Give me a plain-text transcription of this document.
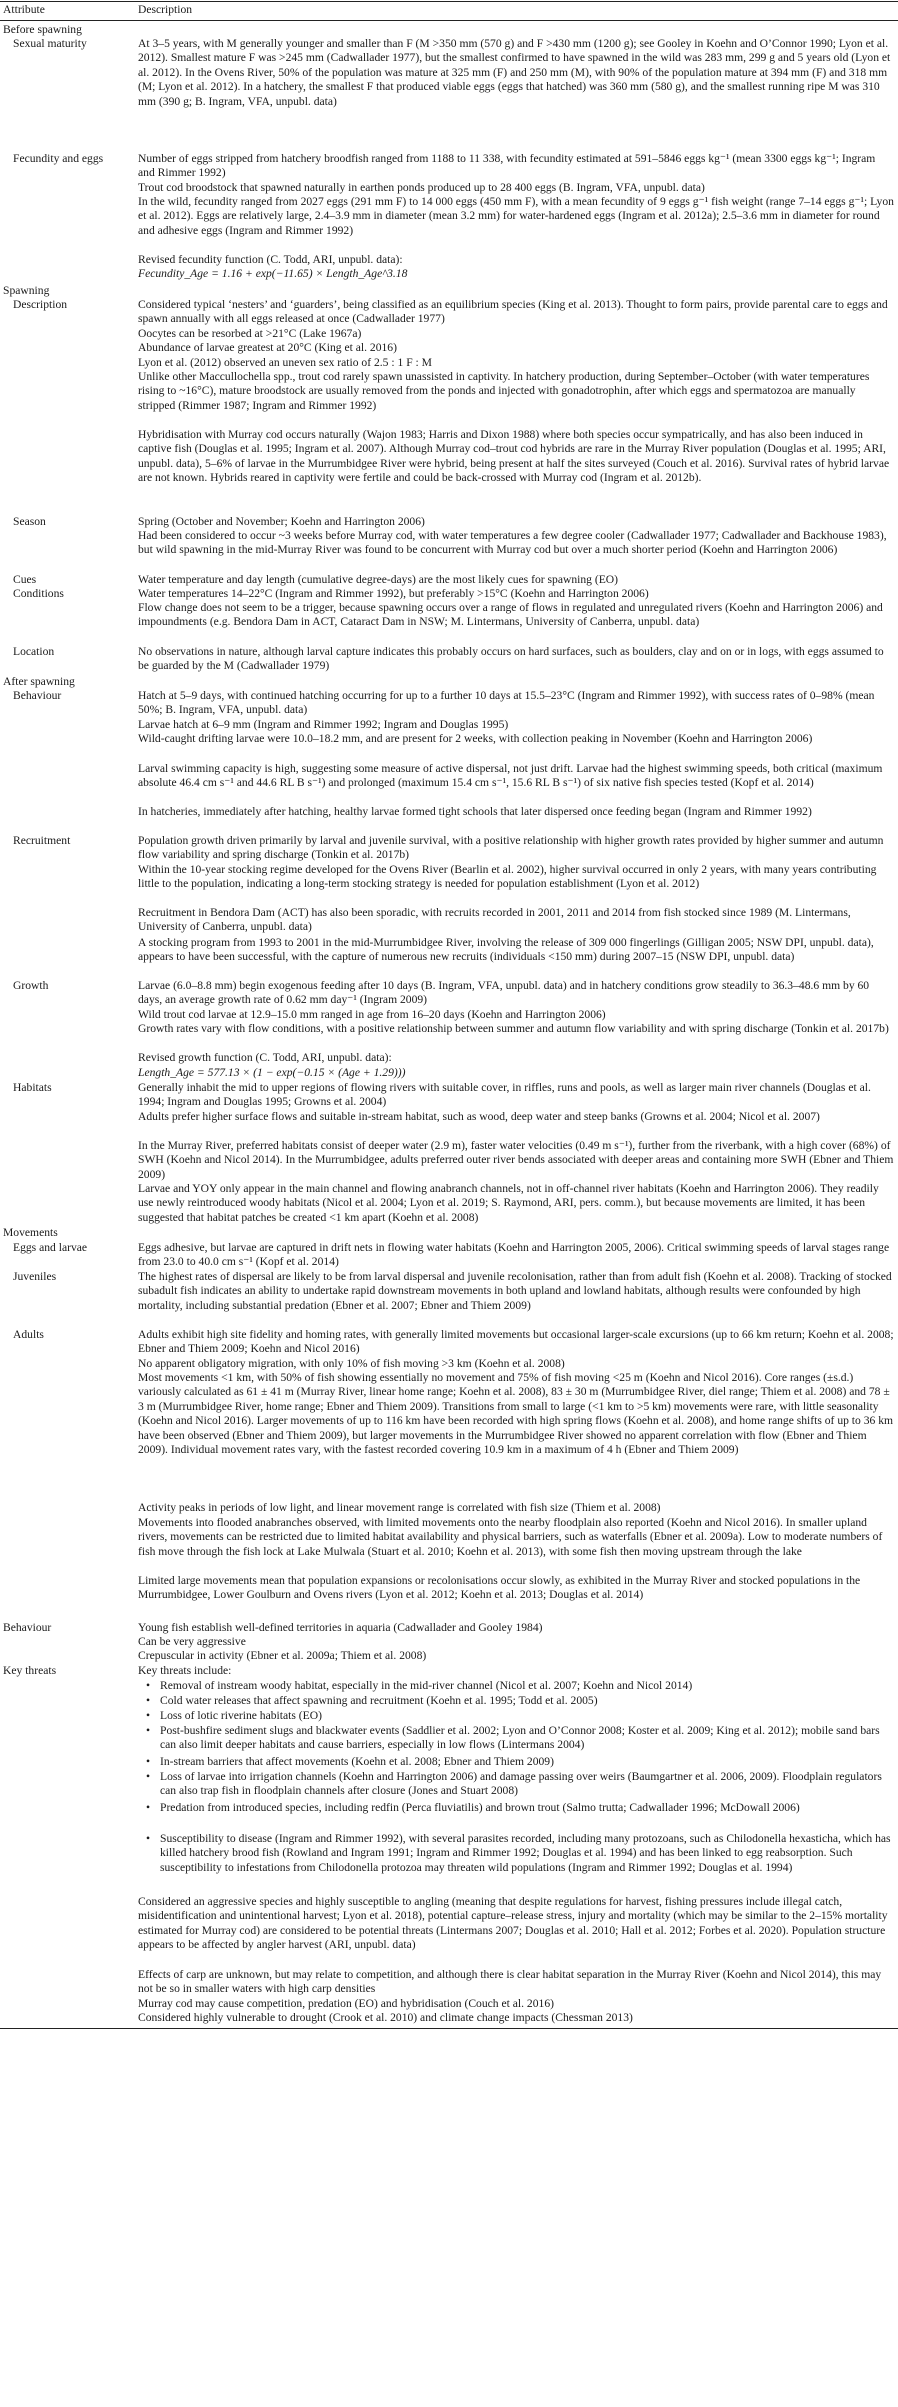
Attribute	Description
Before spawning
Sexual maturity	At 3–5 years, with M generally younger and smaller than F (M >350 mm (570 g) and F >430 mm (1200 g); see Gooley in Koehn and O’Connor 1990; Lyon et al. 2012). Smallest mature F was >245 mm (Cadwallader 1977), but the smallest confirmed to have spawned in the wild was 283 mm, 299 g and 5 years old (Lyon et al. 2012). In the Ovens River, 50% of the population was mature at 325 mm (F) and 250 mm (M), with 90% of the population mature at 394 mm (F) and 318 mm (M; Lyon et al. 2012). In a hatchery, the smallest F that produced viable eggs (eggs that hatched) was 360 mm (580 g), and the smallest running ripe M was 310 mm (390 g; B. Ingram, VFA, unpubl. data)
Fecundity and eggs	Number of eggs stripped from hatchery broodfish ranged from 1188 to 11 338, with fecundity estimated at 591–5846 eggs kg⁻¹ (mean 3300 eggs kg⁻¹; Ingram and Rimmer 1992)
Trout cod broodstock that spawned naturally in earthen ponds produced up to 28 400 eggs (B. Ingram, VFA, unpubl. data)
In the wild, fecundity ranged from 2027 eggs (291 mm F) to 14 000 eggs (450 mm F), with a mean fecundity of 9 eggs g⁻¹ fish weight (range 7–14 eggs g⁻¹; Lyon et al. 2012). Eggs are relatively large, 2.4–3.9 mm in diameter (mean 3.2 mm) for water-hardened eggs (Ingram et al. 2012a); 2.5–3.6 mm in diameter for round and adhesive eggs (Ingram and Rimmer 1992)
Revised fecundity function (C. Todd, ARI, unpubl. data):
Fecundity_Age = 1.16 + exp(−11.65) × Length_Age^3.18
Spawning
Description	Considered typical ‘nesters’ and ‘guarders’, being classified as an equilibrium species (King et al. 2013). Thought to form pairs, provide parental care to eggs and spawn annually with all eggs released at once (Cadwallader 1977)
Oocytes can be resorbed at >21°C (Lake 1967a)
Abundance of larvae greatest at 20°C (King et al. 2016)
Lyon et al. (2012) observed an uneven sex ratio of 2.5 : 1 F : M
Unlike other Maccullochella spp., trout cod rarely spawn unassisted in captivity. In hatchery production, during September–October (with water temperatures rising to ~16°C), mature broodstock are usually removed from the ponds and injected with gonadotrophin, after which eggs and spermatozoa are manually stripped (Rimmer 1987; Ingram and Rimmer 1992)
Hybridisation with Murray cod occurs naturally (Wajon 1983; Harris and Dixon 1988) where both species occur sympatrically, and has also been induced in captive fish (Douglas et al. 1995; Ingram et al. 2007). Although Murray cod–trout cod hybrids are rare in the Murray River population (Douglas et al. 1995; ARI, unpubl. data), 5–6% of larvae in the Murrumbidgee River were hybrid, being present at half the sites surveyed (Couch et al. 2016). Survival rates of hybrid larvae are not known. Hybrids reared in captivity were fertile and could be back-crossed with Murray cod (Ingram et al. 2012b).
Season	Spring (October and November; Koehn and Harrington 2006)
Had been considered to occur ~3 weeks before Murray cod, with water temperatures a few degree cooler (Cadwallader 1977; Cadwallader and Backhouse 1983), but wild spawning in the mid-Murray River was found to be concurrent with Murray cod but over a much shorter period (Koehn and Harrington 2006)
Cues	Water temperature and day length (cumulative degree-days) are the most likely cues for spawning (EO)
Conditions	Water temperatures 14–22°C (Ingram and Rimmer 1992), but preferably >15°C (Koehn and Harrington 2006)
Flow change does not seem to be a trigger, because spawning occurs over a range of flows in regulated and unregulated rivers (Koehn and Harrington 2006) and impoundments (e.g. Bendora Dam in ACT, Cataract Dam in NSW; M. Lintermans, University of Canberra, unpubl. data)
Location	No observations in nature, although larval capture indicates this probably occurs on hard surfaces, such as boulders, clay and on or in logs, with eggs assumed to be guarded by the M (Cadwallader 1979)
After spawning
Behaviour	Hatch at 5–9 days, with continued hatching occurring for up to a further 10 days at 15.5–23°C (Ingram and Rimmer 1992), with success rates of 0–98% (mean 50%; B. Ingram, VFA, unpubl. data)
Larvae hatch at 6–9 mm (Ingram and Rimmer 1992; Ingram and Douglas 1995)
Wild-caught drifting larvae were 10.0–18.2 mm, and are present for 2 weeks, with collection peaking in November (Koehn and Harrington 2006)
Larval swimming capacity is high, suggesting some measure of active dispersal, not just drift. Larvae had the highest swimming speeds, both critical (maximum absolute 46.4 cm s⁻¹ and 44.6 RL B s⁻¹) and prolonged (maximum 15.4 cm s⁻¹, 15.6 RL B s⁻¹) of six native fish species tested (Kopf et al. 2014)
In hatcheries, immediately after hatching, healthy larvae formed tight schools that later dispersed once feeding began (Ingram and Rimmer 1992)
Recruitment	Population growth driven primarily by larval and juvenile survival, with a positive relationship with higher growth rates provided by higher summer and autumn flow variability and spring discharge (Tonkin et al. 2017b)
Within the 10-year stocking regime developed for the Ovens River (Bearlin et al. 2002), higher survival occurred in only 2 years, with many years contributing little to the population, indicating a long-term stocking strategy is needed for population establishment (Lyon et al. 2012)
Recruitment in Bendora Dam (ACT) has also been sporadic, with recruits recorded in 2001, 2011 and 2014 from fish stocked since 1989 (M. Lintermans, University of Canberra, unpubl. data)
A stocking program from 1993 to 2001 in the mid-Murrumbidgee River, involving the release of 309 000 fingerlings (Gilligan 2005; NSW DPI, unpubl. data), appears to have been successful, with the capture of numerous new recruits (individuals <150 mm) during 2007–15 (NSW DPI, unpubl. data)
Growth	Larvae (6.0–8.8 mm) begin exogenous feeding after 10 days (B. Ingram, VFA, unpubl. data) and in hatchery conditions grow steadily to 36.3–48.6 mm by 60 days, an average growth rate of 0.62 mm day⁻¹ (Ingram 2009)
Wild trout cod larvae at 12.9–15.0 mm ranged in age from 16–20 days (Koehn and Harrington 2006)
Growth rates vary with flow conditions, with a positive relationship between summer and autumn flow variability and with spring discharge (Tonkin et al. 2017b)
Revised growth function (C. Todd, ARI, unpubl. data):
Length_Age = 577.13 × (1 − exp(−0.15 × (Age + 1.29)))
Habitats	Generally inhabit the mid to upper regions of flowing rivers with suitable cover, in riffles, runs and pools, as well as larger main river channels (Douglas et al. 1994; Ingram and Douglas 1995; Growns et al. 2004)
Adults prefer higher surface flows and suitable in-stream habitat, such as wood, deep water and steep banks (Growns et al. 2004; Nicol et al. 2007)
In the Murray River, preferred habitats consist of deeper water (2.9 m), faster water velocities (0.49 m s⁻¹), further from the riverbank, with a high cover (68%) of SWH (Koehn and Nicol 2014). In the Murrumbidgee, adults preferred outer river bends associated with deeper areas and containing more SWH (Ebner and Thiem 2009)
Larvae and YOY only appear in the main channel and flowing anabranch channels, not in off-channel river habitats (Koehn and Harrington 2006). They readily use newly reintroduced woody habitats (Nicol et al. 2004; Lyon et al. 2019; S. Raymond, ARI, pers. comm.), but because movements are limited, it has been suggested that habitat patches be created <1 km apart (Koehn et al. 2008)
Movements
Eggs and larvae	Eggs adhesive, but larvae are captured in drift nets in flowing water habitats (Koehn and Harrington 2005, 2006). Critical swimming speeds of larval stages range from 23.0 to 40.0 cm s⁻¹ (Kopf et al. 2014)
Juveniles	The highest rates of dispersal are likely to be from larval dispersal and juvenile recolonisation, rather than from adult fish (Koehn et al. 2008). Tracking of stocked subadult fish indicates an ability to undertake rapid downstream movements in both upland and lowland habitats, although results were confounded by high mortality, including substantial predation (Ebner et al. 2007; Ebner and Thiem 2009)
Adults	Adults exhibit high site fidelity and homing rates, with generally limited movements but occasional larger-scale excursions (up to 66 km return; Koehn et al. 2008; Ebner and Thiem 2009; Koehn and Nicol 2016)
No apparent obligatory migration, with only 10% of fish moving >3 km (Koehn et al. 2008)
Most movements <1 km, with 50% of fish showing essentially no movement and 75% of fish moving <25 m (Koehn and Nicol 2016). Core ranges (±s.d.) variously calculated as 61 ± 41 m (Murray River, linear home range; Koehn et al. 2008), 83 ± 30 m (Murrumbidgee River, diel range; Thiem et al. 2008) and 78 ± 3 m (Murrumbidgee River, home range; Ebner and Thiem 2009). Transitions from small to large (<1 km to >5 km) movements were rare, with little seasonality (Koehn and Nicol 2016). Larger movements of up to 116 km have been recorded with high spring flows (Koehn et al. 2008), and home range shifts of up to 36 km have been observed (Ebner and Thiem 2009), but larger movements in the Murrumbidgee River showed no apparent correlation with flow (Ebner and Thiem 2009). Individual movement rates vary, with the fastest recorded covering 10.9 km in a maximum of 4 h (Ebner and Thiem 2009)
Activity peaks in periods of low light, and linear movement range is correlated with fish size (Thiem et al. 2008)
Movements into flooded anabranches observed, with limited movements onto the nearby floodplain also reported (Koehn and Nicol 2016). In smaller upland rivers, movements can be restricted due to limited habitat availability and physical barriers, such as waterfalls (Ebner et al. 2009a). Low to moderate numbers of fish move through the fish lock at Lake Mulwala (Stuart et al. 2010; Koehn et al. 2013), with some fish then moving upstream through the lake
Limited large movements mean that population expansions or recolonisations occur slowly, as exhibited in the Murray River and stocked populations in the Murrumbidgee, Lower Goulburn and Ovens rivers (Lyon et al. 2012; Koehn et al. 2013; Douglas et al. 2014)
Behaviour	Young fish establish well-defined territories in aquaria (Cadwallader and Gooley 1984)
Can be very aggressive
Crepuscular in activity (Ebner et al. 2009a; Thiem et al. 2008)
Key threats	Key threats include:
• Removal of instream woody habitat, especially in the mid-river channel (Nicol et al. 2007; Koehn and Nicol 2014)
• Cold water releases that affect spawning and recruitment (Koehn et al. 1995; Todd et al. 2005)
• Loss of lotic riverine habitats (EO)
• Post-bushfire sediment slugs and blackwater events (Saddlier et al. 2002; Lyon and O’Connor 2008; Koster et al. 2009; King et al. 2012); mobile sand bars can also limit deeper habitats and cause barriers, especially in low flows (Lintermans 2004)
• In-stream barriers that affect movements (Koehn et al. 2008; Ebner and Thiem 2009)
• Loss of larvae into irrigation channels (Koehn and Harrington 2006) and damage passing over weirs (Baumgartner et al. 2006, 2009). Floodplain regulators can also trap fish in floodplain channels after closure (Jones and Stuart 2008)
• Predation from introduced species, including redfin (Perca fluviatilis) and brown trout (Salmo trutta; Cadwallader 1996; McDowall 2006)
• Susceptibility to disease (Ingram and Rimmer 1992), with several parasites recorded, including many protozoans, such as Chilodonella hexasticha, which has killed hatchery brood fish (Rowland and Ingram 1991; Ingram and Rimmer 1992; Douglas et al. 1994) and has been linked to egg reabsorption. Such susceptibility to infestations from Chilodonella protozoa may threaten wild populations (Ingram and Rimmer 1992; Douglas et al. 1994)
Considered an aggressive species and highly susceptible to angling (meaning that despite regulations for harvest, fishing pressures include illegal catch, misidentification and unintentional harvest; Lyon et al. 2018), potential capture–release stress, injury and mortality (which may be similar to the 2–15% mortality estimated for Murray cod) are considered to be potential threats (Lintermans 2007; Douglas et al. 2010; Hall et al. 2012; Forbes et al. 2020). Population structure appears to be affected by angler harvest (ARI, unpubl. data)
Effects of carp are unknown, but may relate to competition, and although there is clear habitat separation in the Murray River (Koehn and Nicol 2014), this may not be so in smaller waters with high carp densities
Murray cod may cause competition, predation (EO) and hybridisation (Couch et al. 2016)
Considered highly vulnerable to drought (Crook et al. 2010) and climate change impacts (Chessman 2013)
